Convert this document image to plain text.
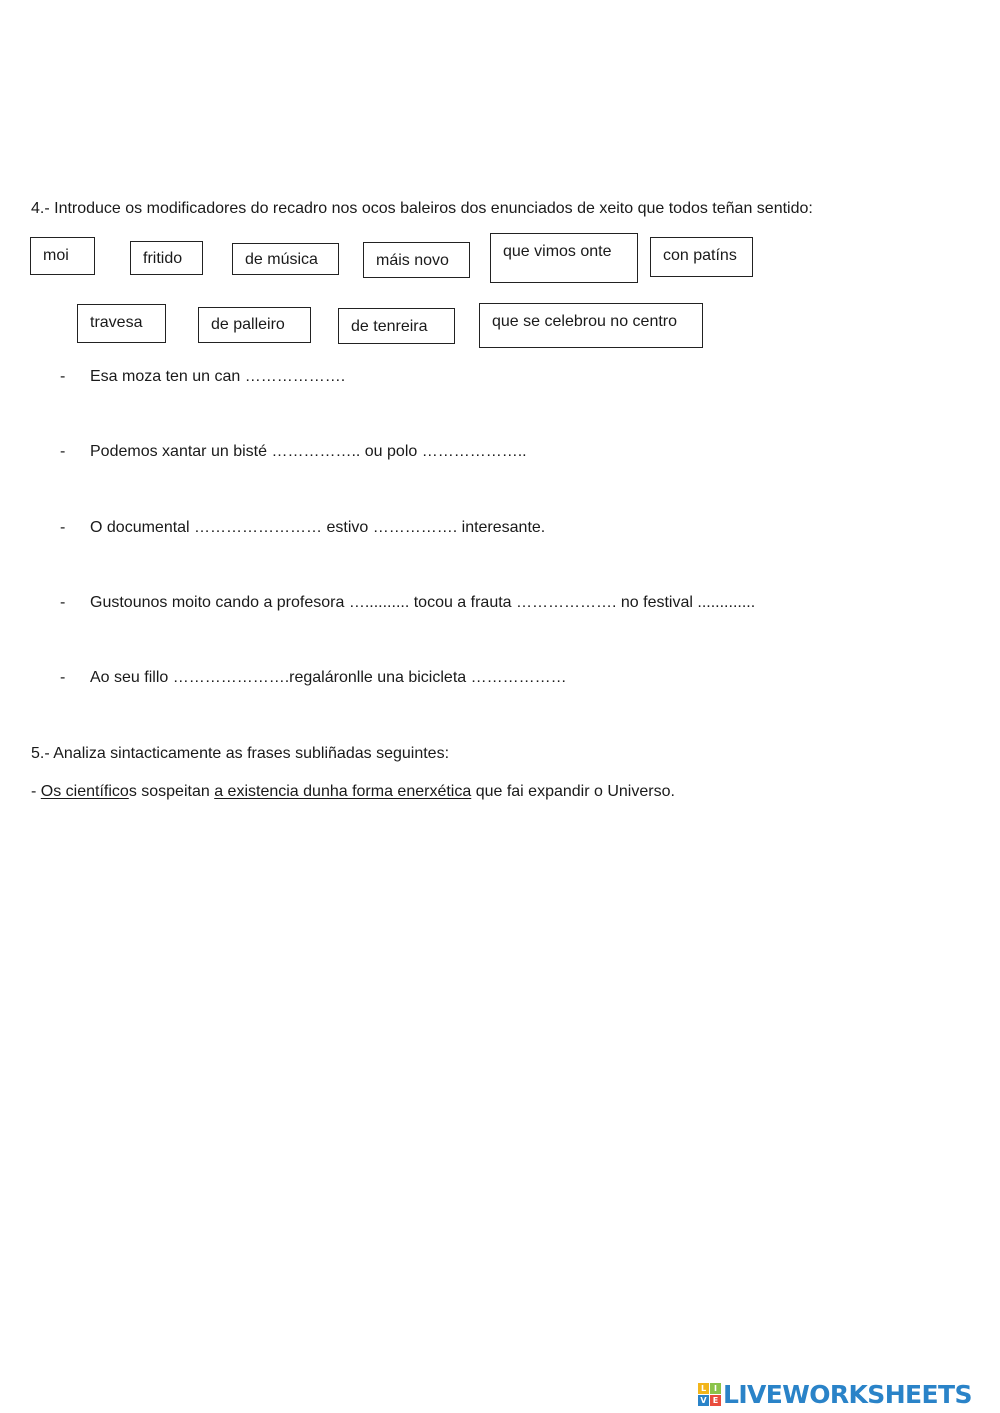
4.- Introduce os modificadores do recadro nos ocos baleiros dos enunciados de xeito que todos teñan sentido:
moi	fritido	de música	máis novo
que vimos onte	con patíns
travesa	de palleiro	de tenreira	que se celebrou no centro
- Esa moza ten un can ……………….
- Podemos xantar un bisté …………….. ou polo ………………..
- O documental …………………… estivo ……………. interesante.
- Gustounos moito cando a profesora ….......... tocou a frauta ………………. no festival .............
- Ao seu fillo ………………….regaláronlle una bicicleta ………………
5.- Analiza sintacticamente as frases subliñadas seguintes:
- Os científicos sospeitan a existencia dunha forma enerxética que fai expandir o Universo.
L I
V E LIVEWORKSHEETS
